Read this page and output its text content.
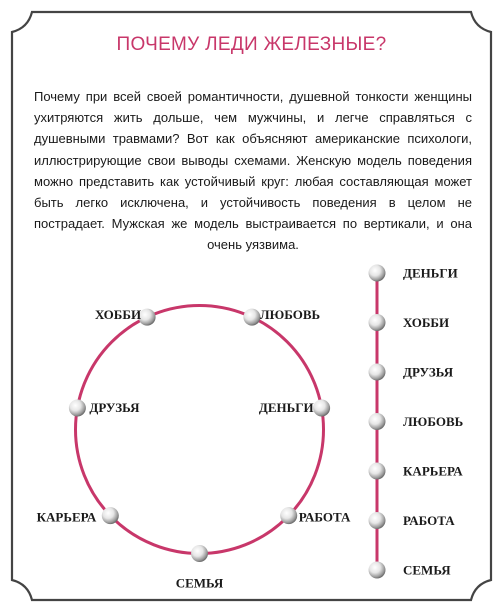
ПОЧЕМУ ЛЕДИ ЖЕЛЕЗНЫЕ?
Почему при всей своей романтичности, душевной тонкости женщины ухитряются жить дольше, чем мужчины, и легче справляться с душевными травмами? Вот как объясняют американские психологи, иллюстрирующие свои выводы схемами. Женскую модель поведения можно представить как устойчивый круг: любая составляющая может быть легко исключена, и устойчивость поведения в целом не пострадает. Мужская же модель выстраивается по вертикали, и она очень уязвима.
ЛЮБОВЬ
ДЕНЬГИ
РАБОТА
СЕМЬЯ
КАРЬЕРА
ДРУЗЬЯ
ХОББИ
ДЕНЬГИ
ХОББИ
ДРУЗЬЯ
ЛЮБОВЬ
КАРЬЕРА
РАБОТА
СЕМЬЯ
